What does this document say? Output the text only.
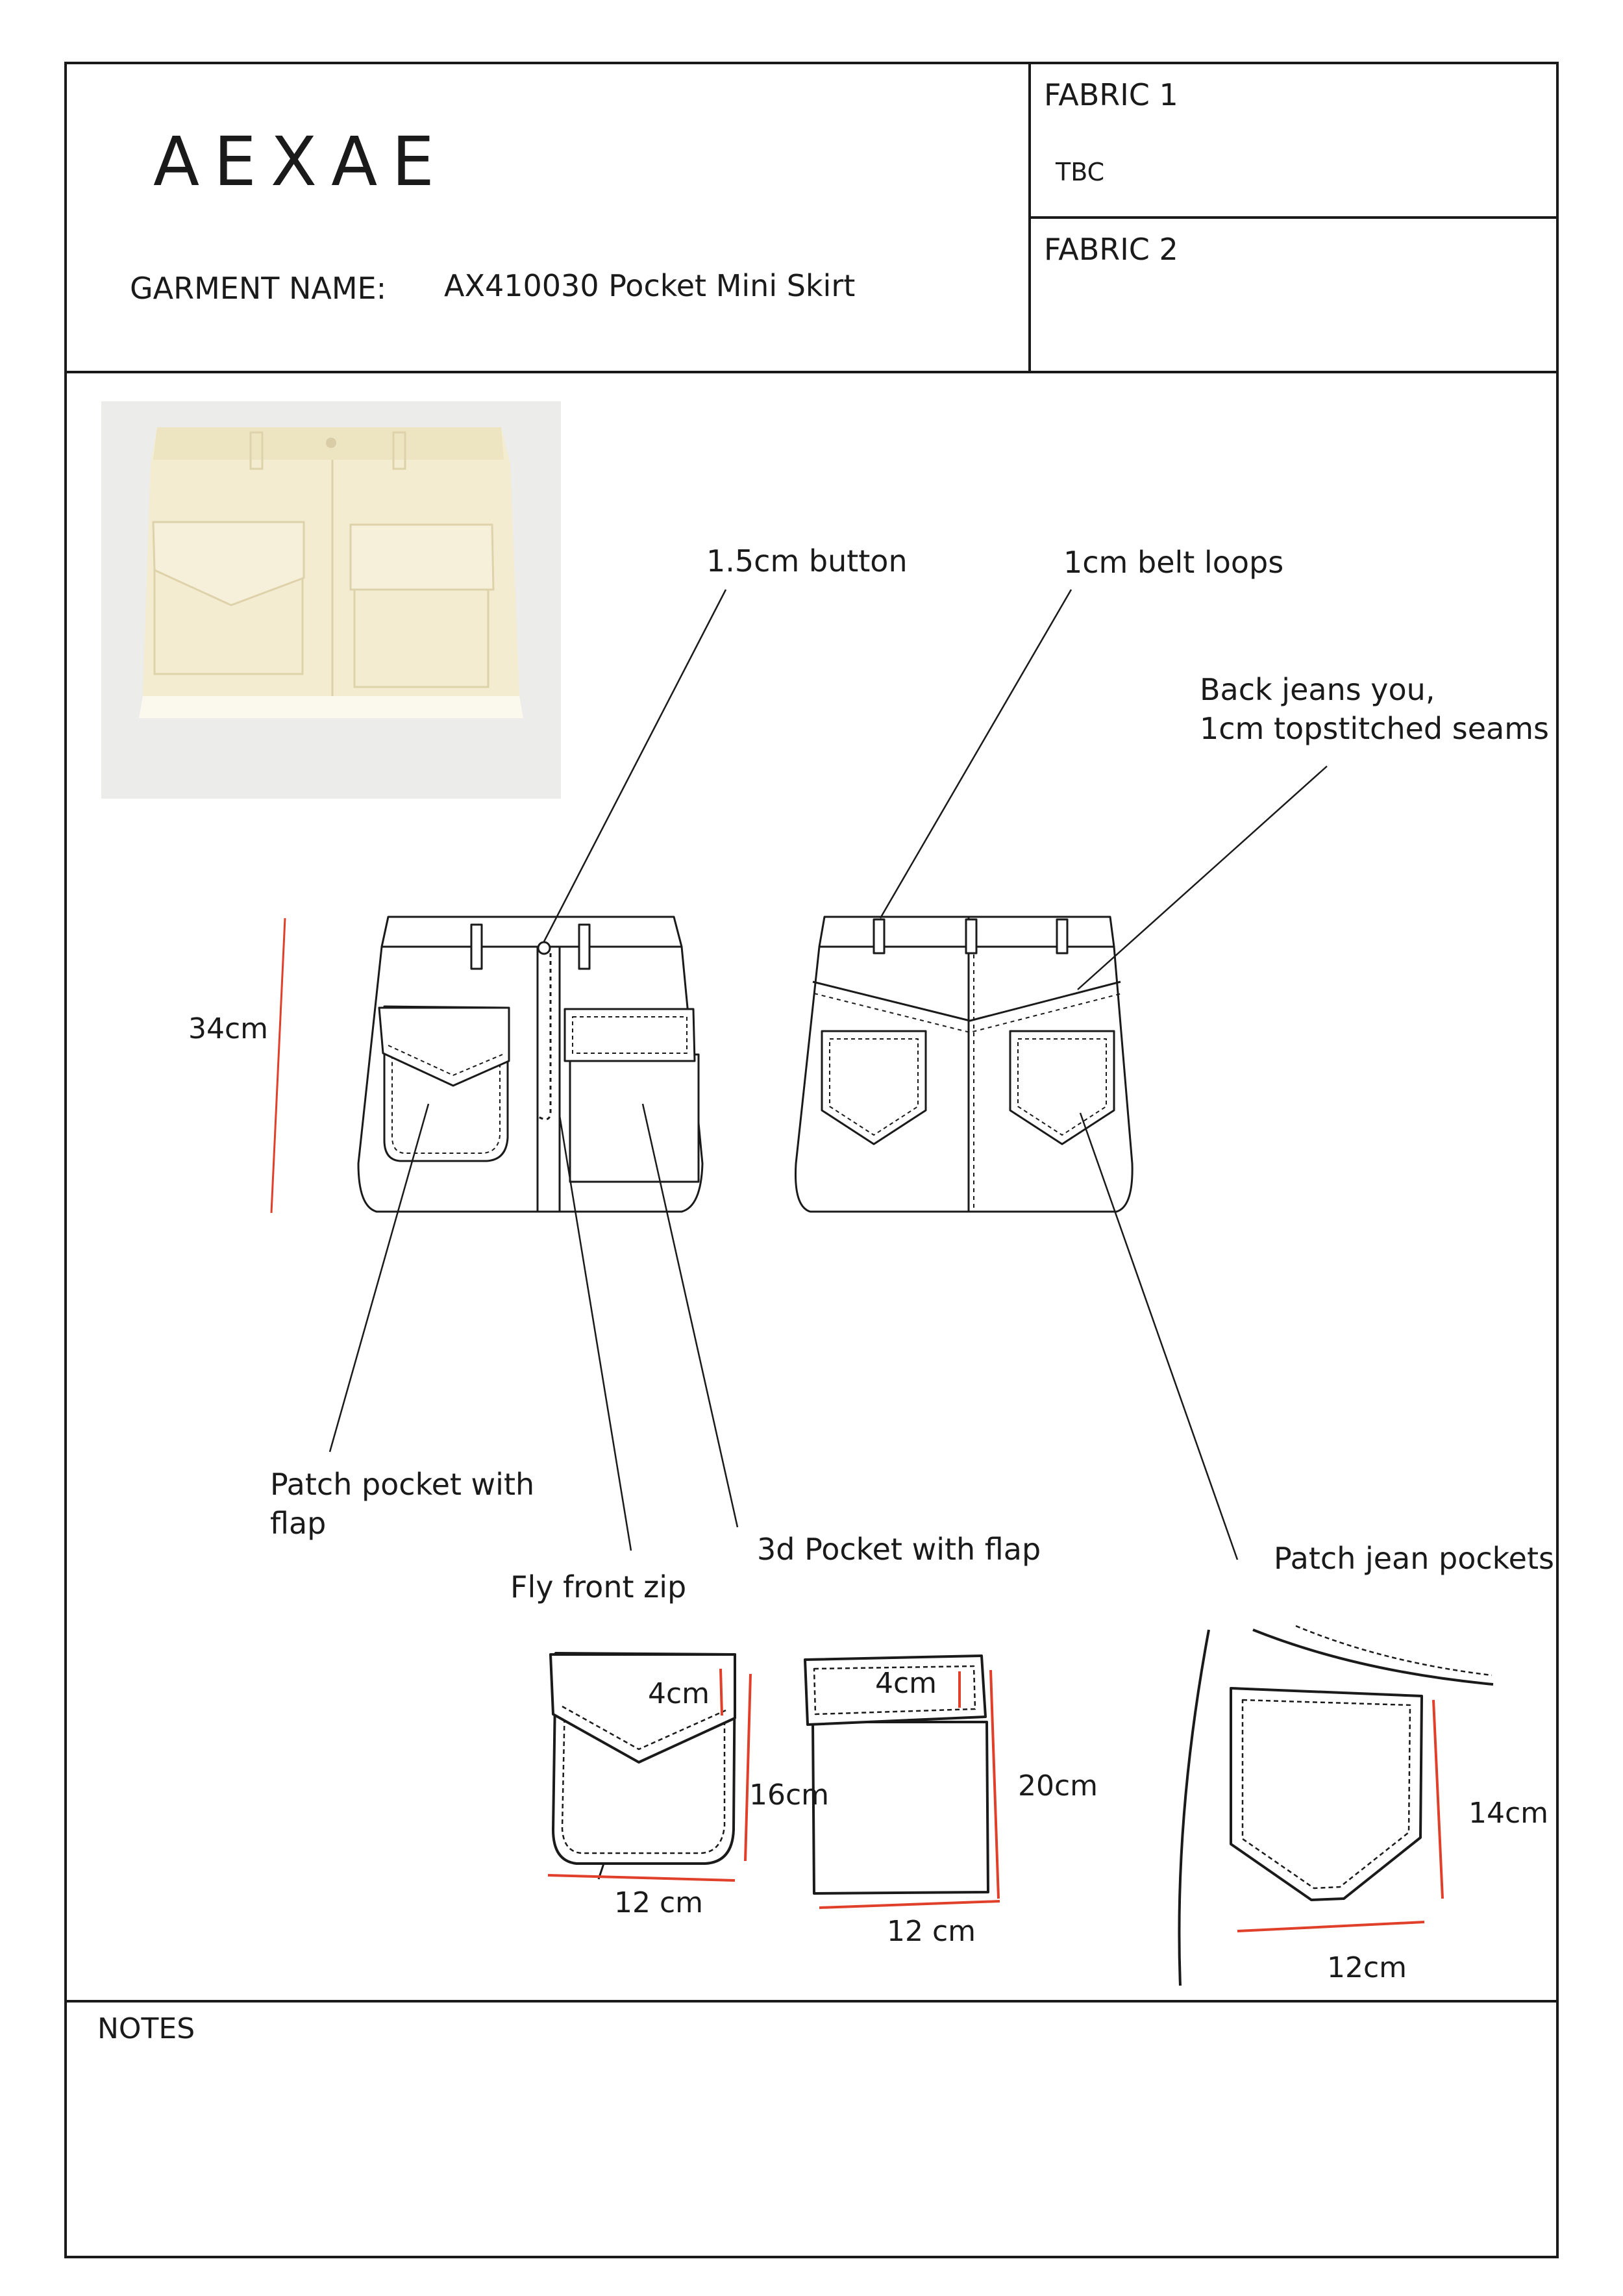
AEXAE
GARMENT NAME: AX410030 Pocket Mini Skirt
FABRIC 1
TBC
FABRIC 2
1.5cm button	1cm belt loops
Back jeans you,
1cm topstitched seams
Patch pocket with
flap
Fly front zip
3d Pocket with flap	Patch jean pockets
34cm
4cm
16cm
12 cm
4cm
20cm
12 cm
14cm
12cm
NOTES
